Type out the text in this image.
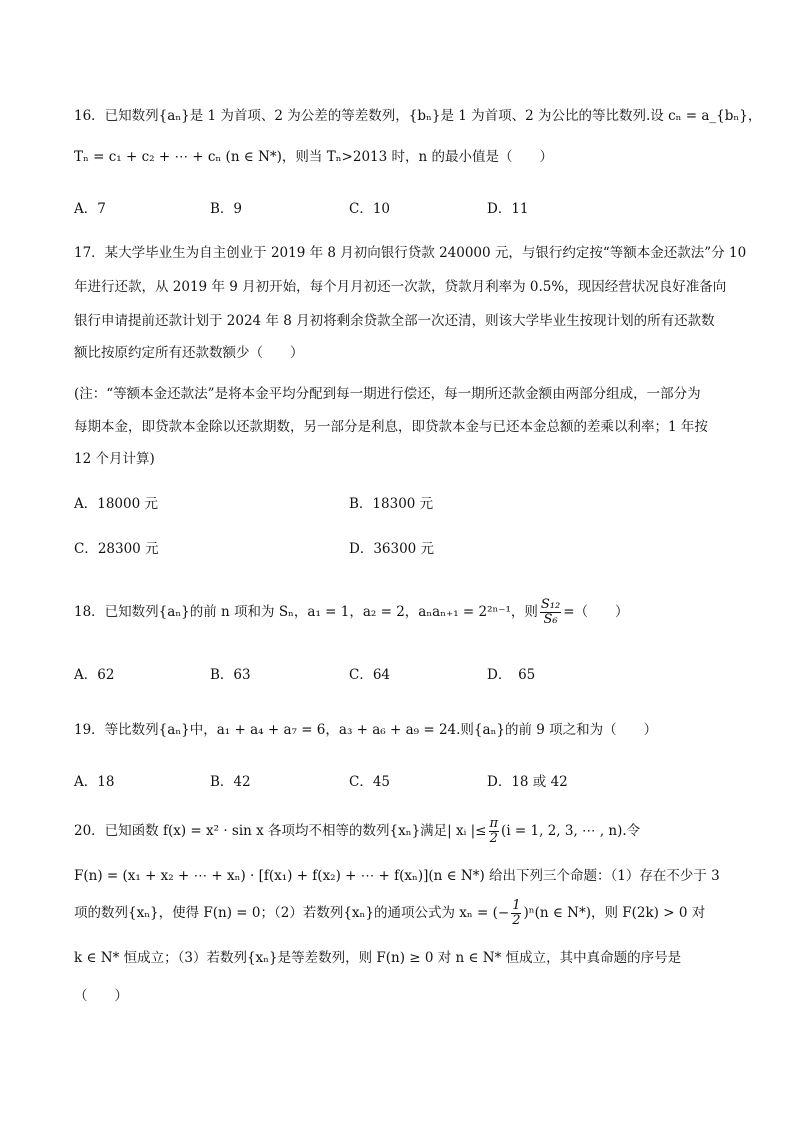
16．已知数列{aₙ}是 1 为首项、2 为公差的等差数列，{bₙ}是 1 为首项、2 为公比的等比数列.设 cₙ = a_{bₙ}，
Tₙ = c₁ + c₂ + ⋯ + cₙ (n ∈ N*)，则当 Tₙ>2013 时，n 的最小值是（　　）
A．7	B．9	C．10	D．11
17．某大学毕业生为自主创业于 2019 年 8 月初向银行贷款 240000 元，与银行约定按“等额本金还款法”分 10
年进行还款，从 2019 年 9 月初开始，每个月月初还一次款，贷款月利率为 0.5%，现因经营状况良好准备向
银行申请提前还款计划于 2024 年 8 月初将剩余贷款全部一次还清，则该大学毕业生按现计划的所有还款数
额比按原约定所有还款数额少（　　）
(注：“等额本金还款法”是将本金平均分配到每一期进行偿还，每一期所还款金额由两部分组成，一部分为
每期本金，即贷款本金除以还款期数，另一部分是利息，即贷款本金与已还本金总额的差乘以利率；1 年按
12 个月计算)
A．18000 元	B．18300 元
C．28300 元	D．36300 元
18．已知数列{aₙ}的前 n 项和为 Sₙ，a₁ = 1，a₂ = 2，aₙaₙ₊₁ = 2²ⁿ⁻¹，则 $\frac{\text{S₁₂}}{\text{S₆}}$ =（　　）
A．62	B．63	C．64	D．　65
19．等比数列{aₙ}中，a₁ + a₄ + a₇ = 6，a₃ + a₆ + a₉ = 24.则{aₙ}的前 9 项之和为（　　）
A．18	B．42	C．45	D．18 或 42
20．已知函数 f(x) = x² · sin x 各项均不相等的数列{xₙ}满足| xᵢ |≤ $\frac{\pi}{2} (i = 1$, 2, 3, ⋯ , n).令
F(n) = (x₁ + x₂ + ⋯ + xₙ) · [f(x₁) + f(x₂) + ⋯ + f(xₙ)](n ∈ N*) 给出下列三个命题：（1）存在不少于 3
项的数列{xₙ}，使得 F(n) = 0；（2）若数列{xₙ}的通项公式为 xₙ = (− $\frac{1}{2} )^n(n$ ∈ N*)，则 F(2k) > 0 对
k ∈ N* 恒成立；（3）若数列{xₙ}是等差数列，则 F(n) ≥ 0 对 n ∈ N* 恒成立，其中真命题的序号是
（　　）
